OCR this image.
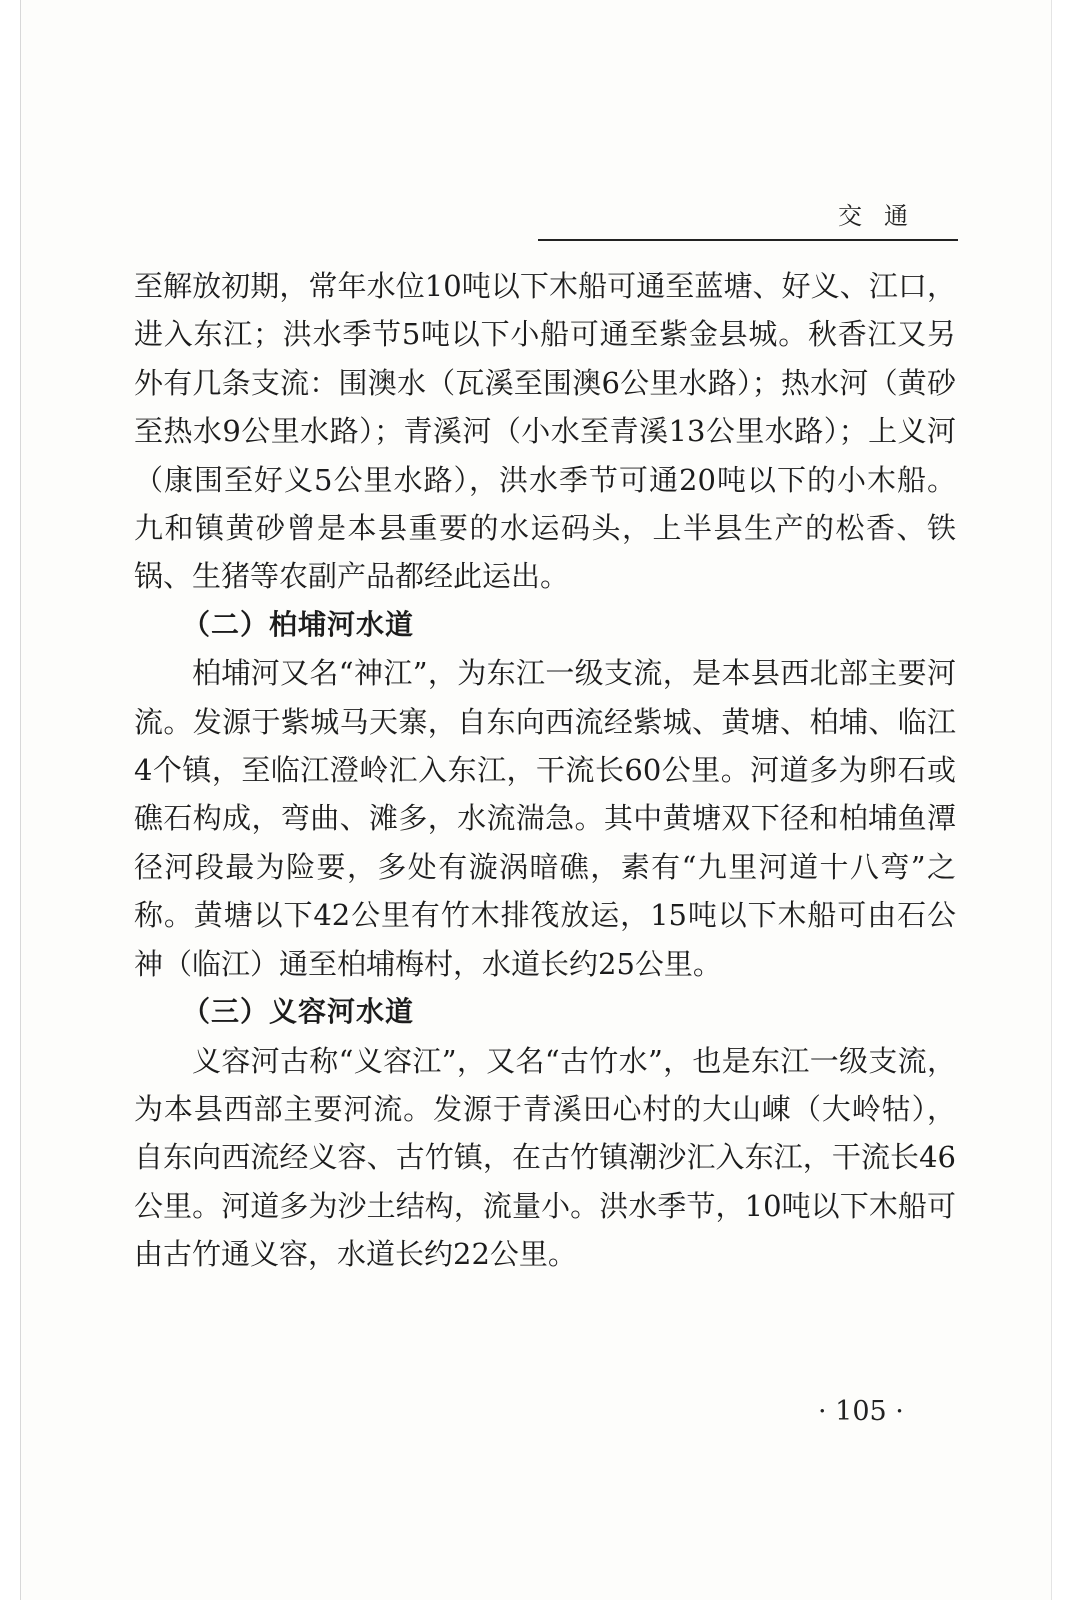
交通

至解放初期，常年水位10吨以下木船可通至蓝塘、好义、江口，进入东江；洪水季节5吨以下小船可通至紫金县城。秋香江又另外有几条支流：围澳水（瓦溪至围澳6公里水路）；热水河（黄砂至热水9公里水路）；青溪河（小水至青溪13公里水路）；上义河（康围至好义5公里水路），洪水季节可通20吨以下的小木船。九和镇黄砂曾是本县重要的水运码头，上半县生产的松香、铁锅、生猪等农副产品都经此运出。

（二）柏埔河水道

柏埔河又名“神江”，为东江一级支流，是本县西北部主要河流。发源于紫城马天寨，自东向西流经紫城、黄塘、柏埔、临江4个镇，至临江澄岭汇入东江，干流长60公里。河道多为卵石或礁石构成，弯曲、滩多，水流湍急。其中黄塘双下径和柏埔鱼潭径河段最为险要，多处有漩涡暗礁，素有“九里河道十八弯”之称。黄塘以下42公里有竹木排筏放运，15吨以下木船可由石公神（临江）通至柏埔梅村，水道长约25公里。

（三）义容河水道

义容河古称“义容江”，又名“古竹水”，也是东江一级支流，为本县西部主要河流。发源于青溪田心村的大山崠（大岭牯），自东向西流经义容、古竹镇，在古竹镇潮沙汇入东江，干流长46公里。河道多为沙土结构，流量小。洪水季节，10吨以下木船可由古竹通义容，水道长约22公里。

· 105 ·
